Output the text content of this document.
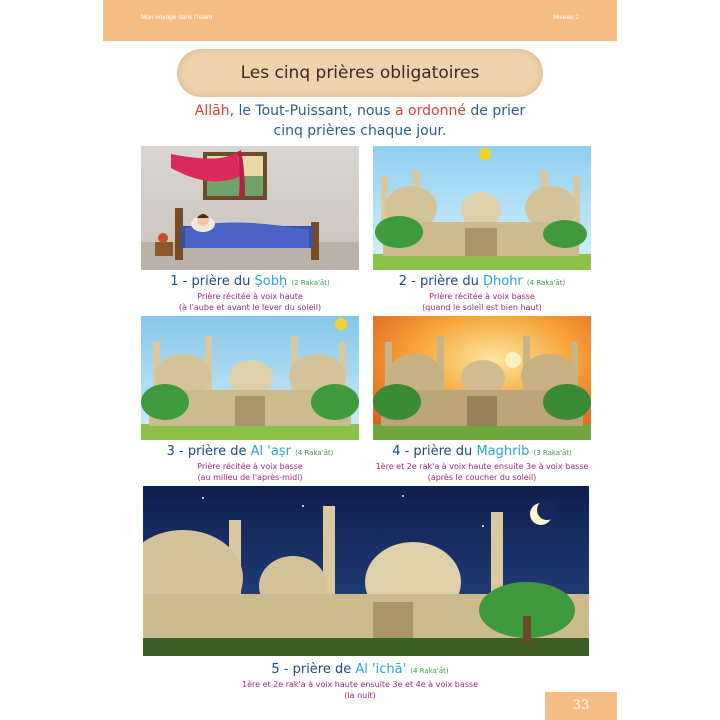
Mon voyage dans l'Islam	Niveau 2
Les cinq prières obligatoires
Allāh, le Tout-Puissant, nous a ordonné de prier
cinq prières chaque jour.
1 - prière du Ṣobḥ (2 Raka'āt)
Prière récitée à voix haute
(à l'aube et avant le lever du soleil)
2 - prière du Ḍhohr (4 Raka'āt)
Prière récitée à voix basse
(quand le soleil est bien haut)
3 - prière de Al 'aṣr (4 Raka'āt)
Prière récitée à voix basse
(au milieu de l'après-midi)
4 - prière du Maghrib (3 Raka'āt)
1ère et 2e rak'a à voix haute ensuite 3e à voix basse
(après le coucher du soleil)
5 - prière de Al 'ichā' (4 Raka'āt)
1ère et 2e rak'a à voix haute ensuite 3e et 4e à voix basse
(la nuit)
33
